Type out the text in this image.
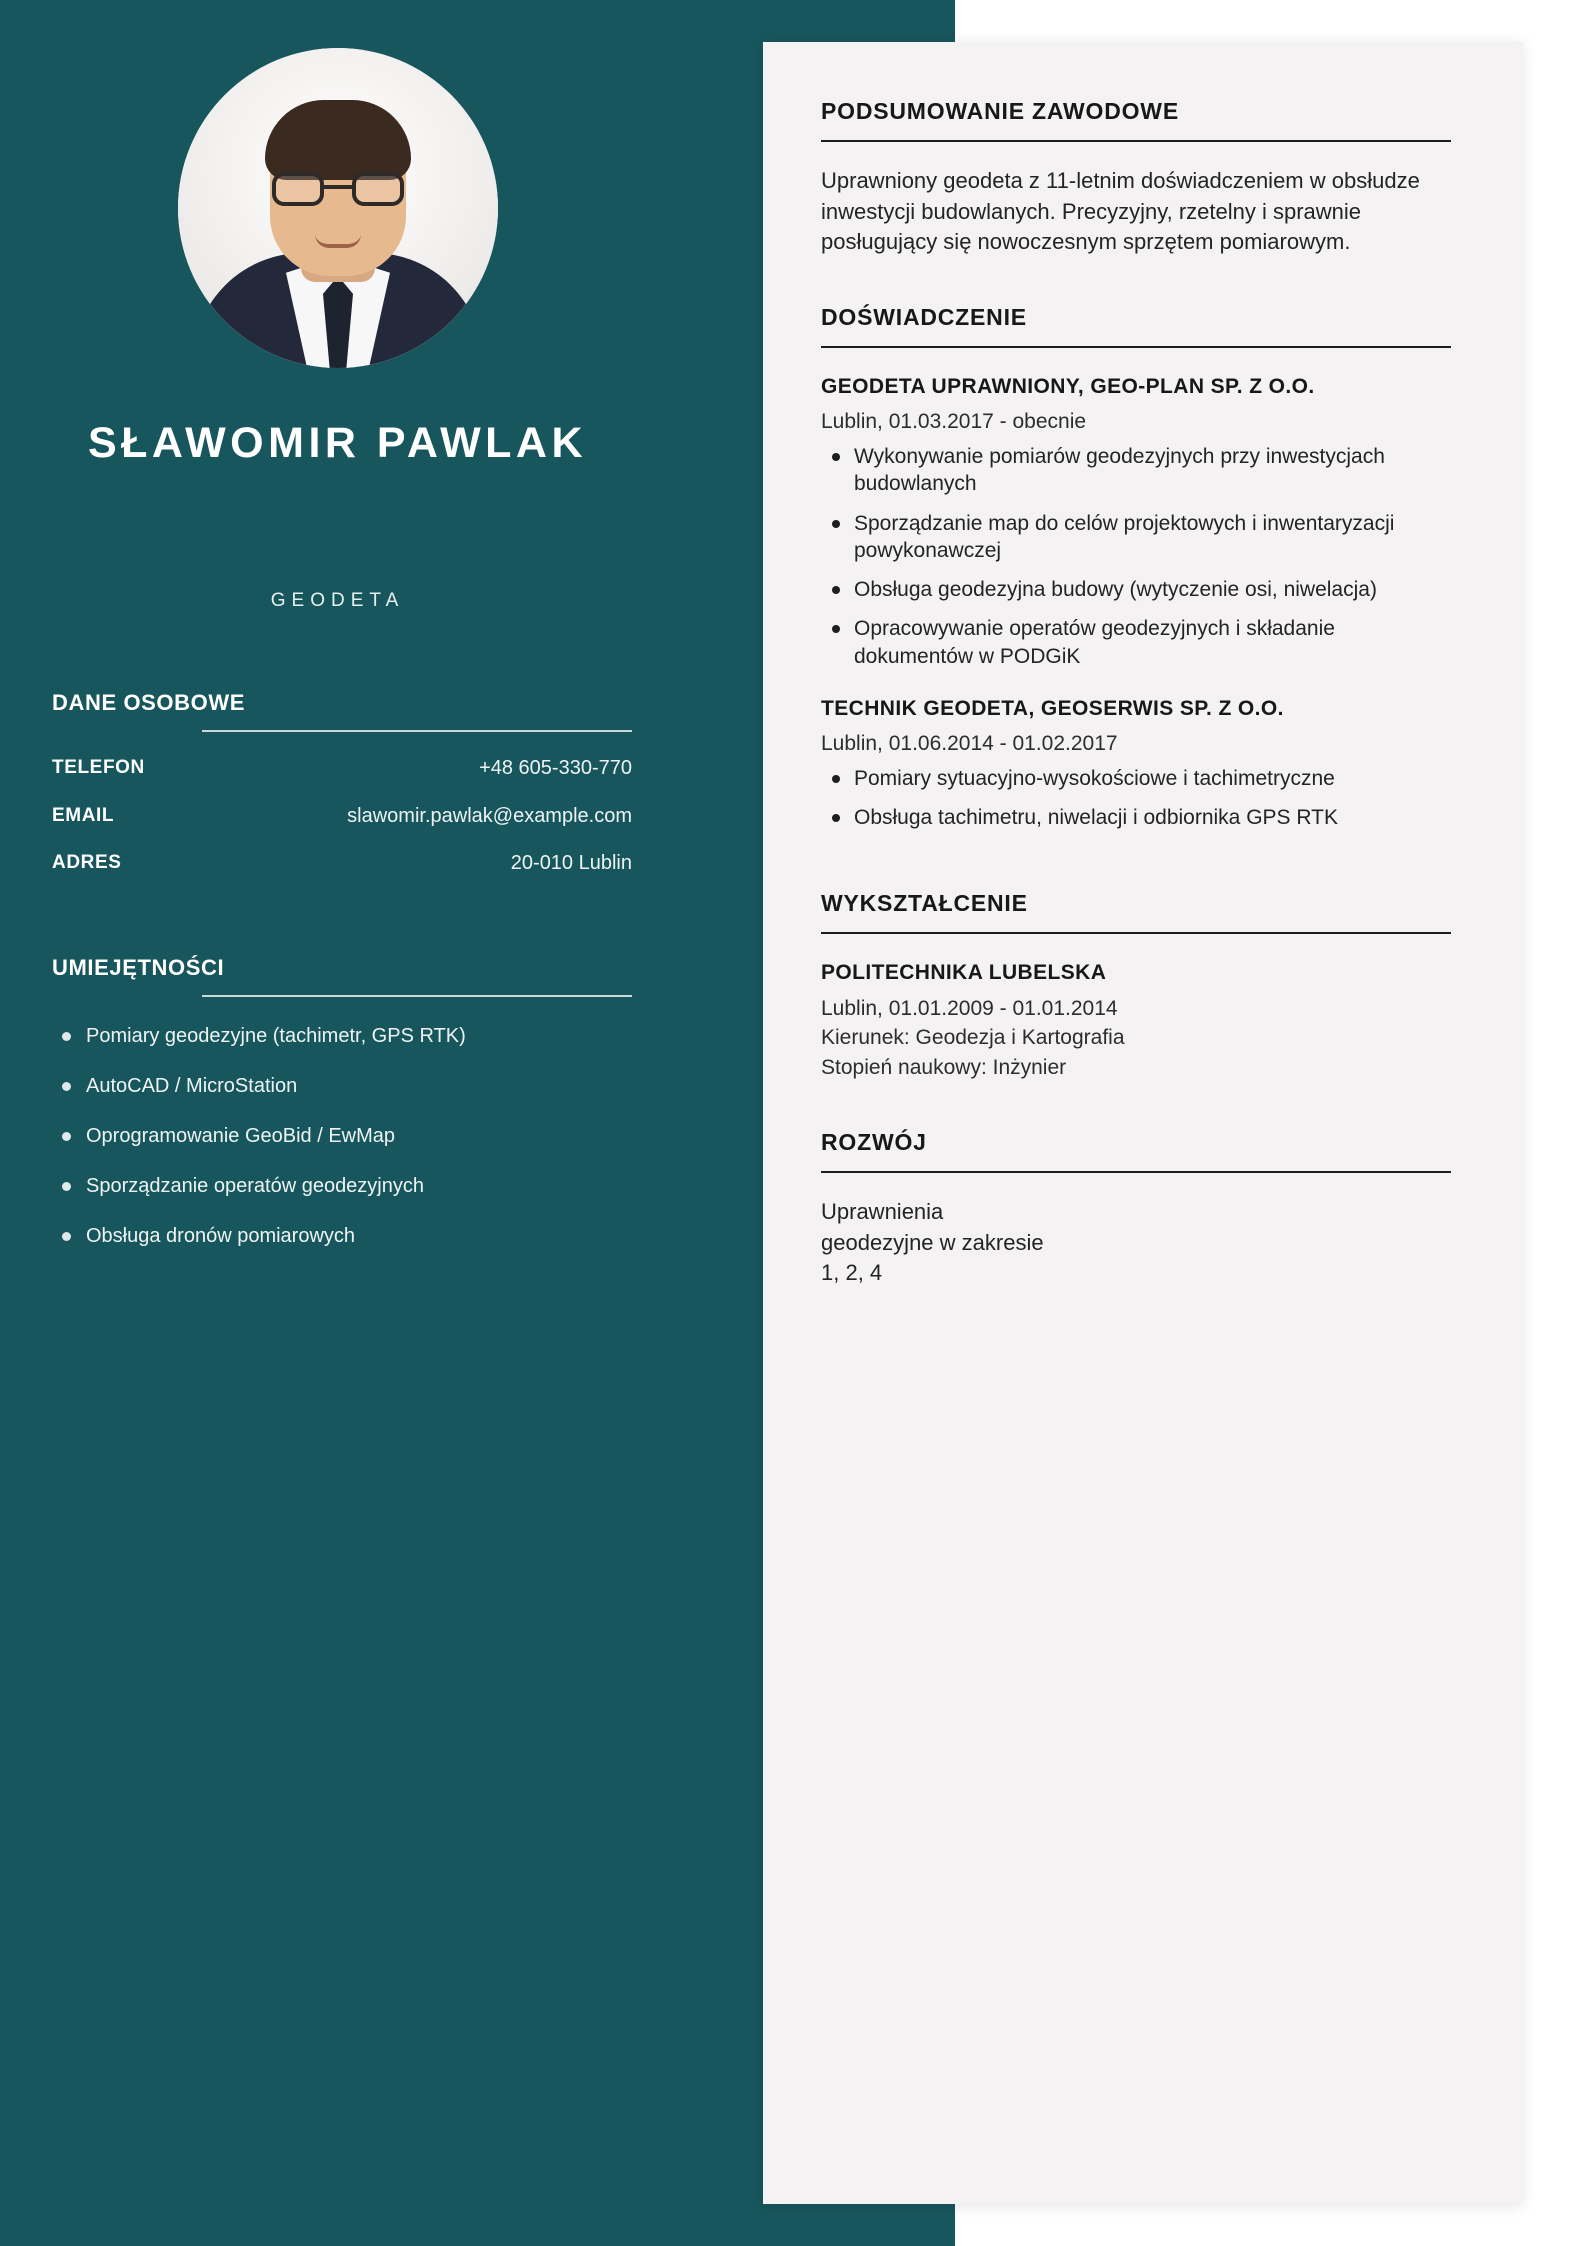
SŁAWOMIR PAWLAK
GEODETA
DANE OSOBOWE
TELEFON	+48 605-330-770
EMAIL	slawomir.pawlak@example.com
ADRES	20-010 Lublin
UMIEJĘTNOŚCI
Pomiary geodezyjne (tachimetr, GPS RTK)
AutoCAD / MicroStation
Oprogramowanie GeoBid / EwMap
Sporządzanie operatów geodezyjnych
Obsługa dronów pomiarowych
PODSUMOWANIE ZAWODOWE
Uprawniony geodeta z 11-letnim doświadczeniem w obsłudze inwestycji budowlanych. Precyzyjny, rzetelny i sprawnie posługujący się nowoczesnym sprzętem pomiarowym.
DOŚWIADCZENIE
GEODETA UPRAWNIONY, GEO-PLAN SP. Z O.O.
Lublin, 01.03.2017 - obecnie
Wykonywanie pomiarów geodezyjnych przy inwestycjach budowlanych
Sporządzanie map do celów projektowych i inwentaryzacji powykonawczej
Obsługa geodezyjna budowy (wytyczenie osi, niwelacja)
Opracowywanie operatów geodezyjnych i składanie dokumentów w PODGiK
TECHNIK GEODETA, GEOSERWIS SP. Z O.O.
Lublin, 01.06.2014 - 01.02.2017
Pomiary sytuacyjno-wysokościowe i tachimetryczne
Obsługa tachimetru, niwelacji i odbiornika GPS RTK
WYKSZTAŁCENIE
POLITECHNIKA LUBELSKA
Lublin, 01.01.2009 - 01.01.2014
Kierunek: Geodezja i Kartografia
Stopień naukowy: Inżynier
ROZWÓJ
Uprawnienia geodezyjne w zakresie 1, 2, 4
